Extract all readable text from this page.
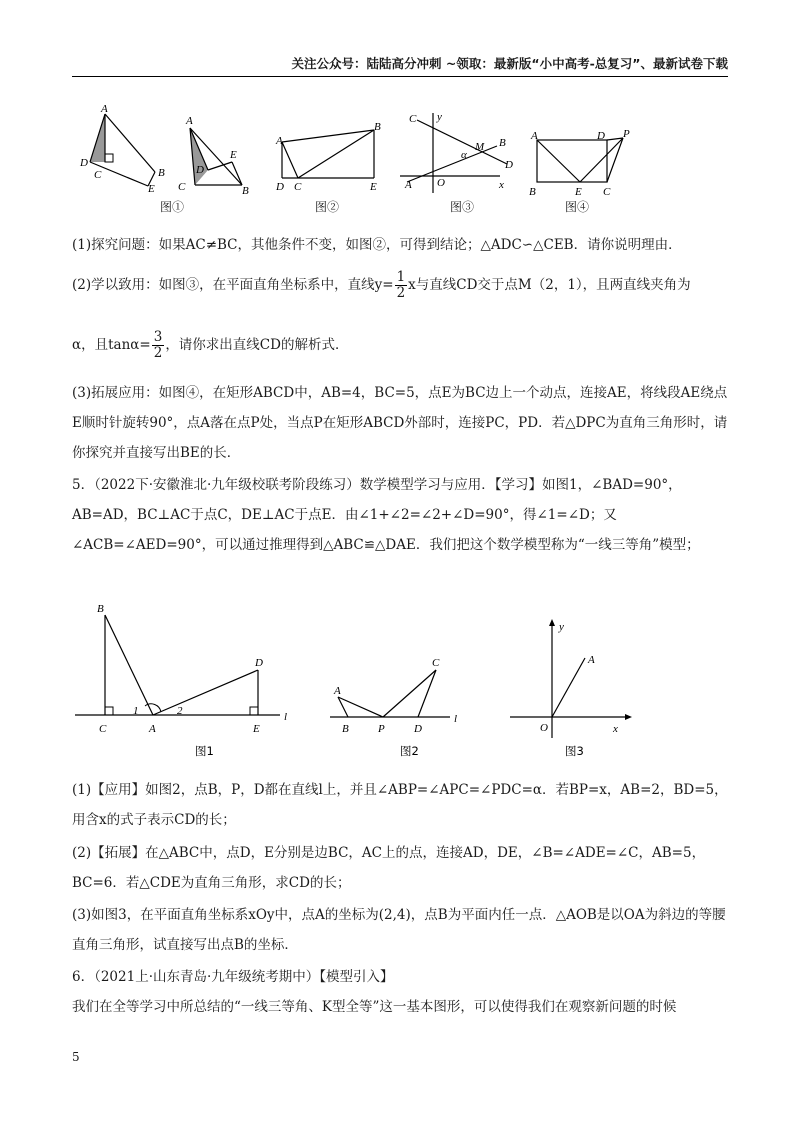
关注公众号：陆陆高分冲刺 ~领取：最新版“小中高考-总复习”、最新试卷下载
A
D
C	B
E
A
E
D
C	B
A
B
D C	E
C y
α
M B
D
A O	x
A	D P
B	E C
图①	图②	图③	图④
(1)探究问题：如果AC≠BC，其他条件不变，如图②，可得到结论；△ADC∽△CEB．请你说明理由．
(2)学以致用：如图③，在平面直角坐标系中，直线$y= \frac{1}{2}$ x与直线CD交于点M（2，1），且两直线夹角为
α，且$\tan\alpha= \frac{3}{2}$ ，请你求出直线CD的解析式．
(3)拓展应用：如图④，在矩形ABCD中，AB=4，BC=5，点E为BC边上一个动点，连接AE，将线段AE绕点E顺时针旋转90°，点A落在点P处，当点P在矩形ABCD外部时，连接PC，PD．若△DPC为直角三角形时，请你探究并直接写出BE的长．
5．（2022下·安徽淮北·九年级校联考阶段练习）数学模型学习与应用．【学习】如图1，∠BAD=90°，AB=AD，BC⊥AC于点C，DE⊥AC于点E．由∠1+∠2=∠2+∠D=90°，得∠1=∠D；又∠ACB=∠AED=90°，可以通过推理得到△ABC≌△DAE．我们把这个数学模型称为“一线三等角”模型；
B
D
1	2
C	A	E
l
图1
C
A
B	P	D
l
图2
y
A
O	x
图3
(1)【应用】如图2，点B，P，D都在直线l上，并且∠ABP=∠APC=∠PDC=α．若BP=x，AB=2，BD=5，用含x的式子表示CD的长；
(2)【拓展】在△ABC中，点D，E分别是边BC，AC上的点，连接AD，DE，∠B=∠ADE=∠C，AB=5，BC=6．若△CDE为直角三角形，求CD的长；
(3)如图3，在平面直角坐标系xOy中，点A的坐标为(2,4)，点B为平面内任一点．△AOB是以OA为斜边的等腰直角三角形，试直接写出点B的坐标．
6．（2021上·山东青岛·九年级统考期中）【模型引入】
我们在全等学习中所总结的“一线三等角、K型全等”这一基本图形，可以使得我们在观察新问题的时候
5
